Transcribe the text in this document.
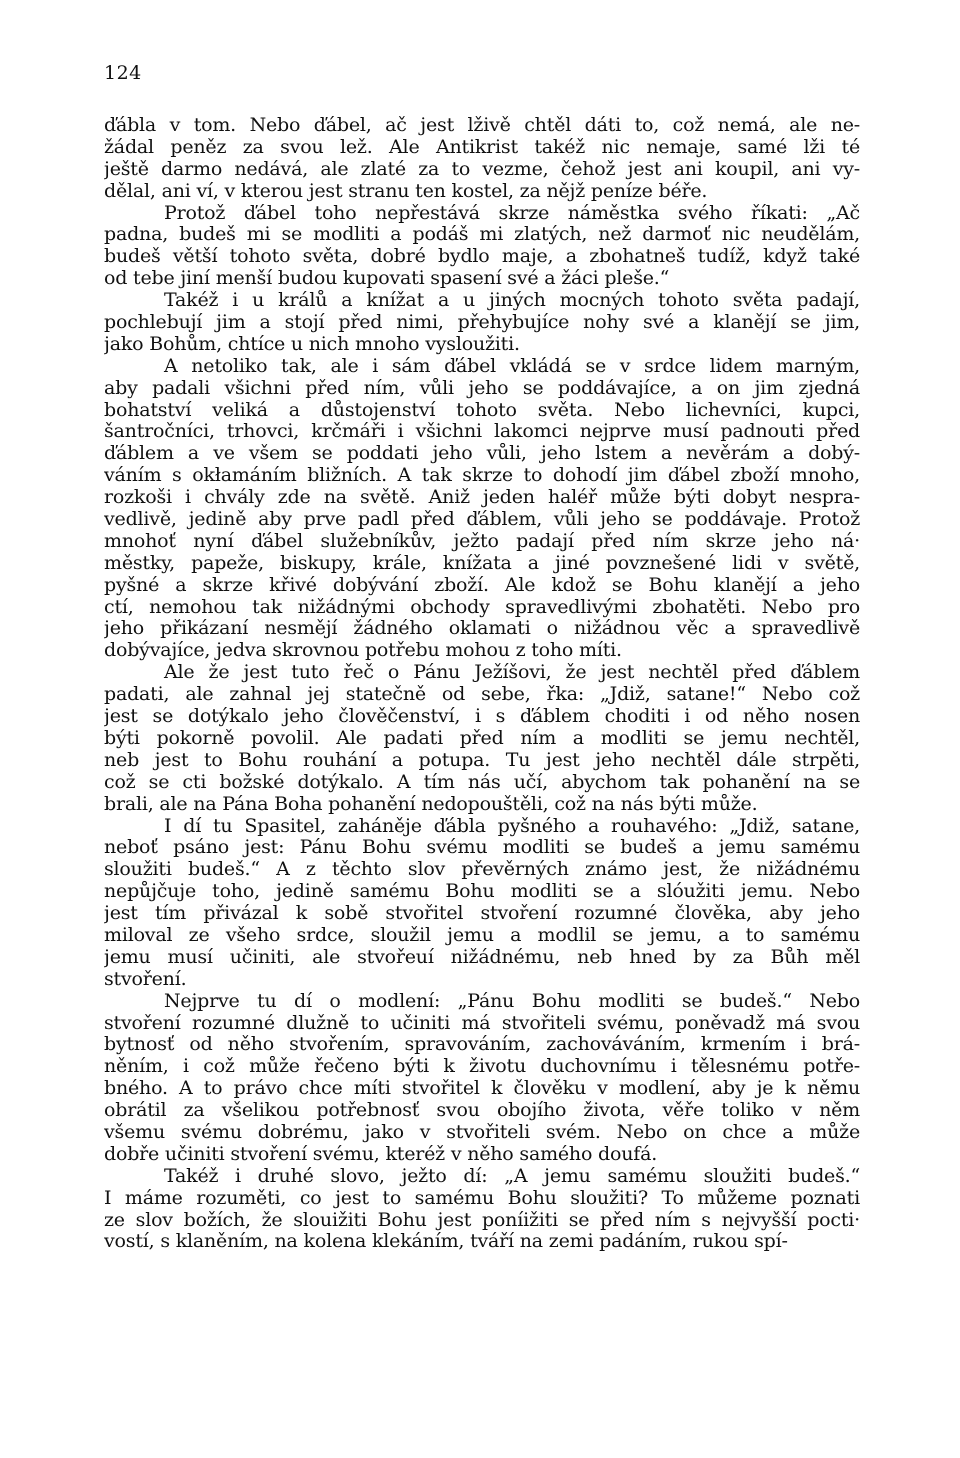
124
ďábla v tom. Nebo ďábel, ač jest lživě chtěl dáti to, což nemá, ale ne-
žádal peněz za svou lež. Ale Antikrist takéž nic nemaje, samé lži té
ještě darmo nedává, ale zlaté za to vezme, čehož jest ani koupil, ani vy-
dělal, ani ví, v kterou jest stranu ten kostel, za nějž peníze béře.
Protož ďábel toho nepřestává skrze náměstka svého říkati: „Ač
padna, budeš mi se modliti a podáš mi zlatých, než darmoť nic neudělám,
budeš větší tohoto světa, dobré bydlo maje, a zbohatneš tudíž, když také
od tebe jiní menší budou kupovati spasení své a žáci pleše.“
Takéž i u králů a knížat a u jiných mocných tohoto světa padají,
pochlebují jim a stojí před nimi, přehybujíce nohy své a klanějí se jim,
jako Bohům, chtíce u nich mnoho vysloužiti.
A netoliko tak, ale i sám ďábel vkládá se v srdce lidem marným,
aby padali všichni před ním, vůli jeho se poddávajíce, a on jim zjedná
bohatství veliká a důstojenství tohoto světa. Nebo lichevníci, kupci,
šantročníci, trhovci, krčmáři i všichni lakomci nejprve musí padnouti před
ďáblem a ve všem se poddati jeho vůli, jeho lstem a nevěrám a dobý-
váním s okłamáním bližních. A tak skrze to dohodí jim ďábel zboží mnoho,
rozkoši i chvály zde na světě. Aniž jeden haléř může býti dobyt nespra-
vedlivě, jedině aby prve padl před ďáblem, vůli jeho se poddávaje. Protož
mnohoť nyní ďábel služebníkův, ježto padají před ním skrze jeho ná·
městky, papeže, biskupy, krále, knížata a jiné povznešené lidi v světě,
pyšné a skrze křivé dobývání zboží. Ale kdož se Bohu klanějí a jeho
ctí, nemohou tak nižádnými obchody spravedlivými zbohatěti. Nebo pro
jeho přikázaní nesmějí žádného oklamati o nižádnou věc a spravedlivě
dobývajíce, jedva skrovnou potřebu mohou z toho míti.
Ale že jest tuto řeč o Pánu Ježíšovi, že jest nechtěl před ďáblem
padati, ale zahnal jej statečně od sebe, řka: „Jdiž, satane!“ Nebo což
jest se dotýkalo jeho člověčenství, i s ďáblem choditi i od něho nosen
býti pokorně povolil. Ale padati před ním a modliti se jemu nechtěl,
neb jest to Bohu rouhání a potupa. Tu jest jeho nechtěl dále strpěti,
což se cti božské dotýkalo. A tím nás učí, abychom tak pohanění na se
brali, ale na Pána Boha pohanění nedopouštěli, což na nás býti může.
I dí tu Spasitel, zaháněje ďábla pyšného a rouhavého: „Jdiž, satane,
neboť psáno jest: Pánu Bohu svému modliti se budeš a jemu samému
sloužiti budeš.“ A z těchto slov převěrných známo jest, že nižádnému
nepůjčuje toho, jedině samému Bohu modliti se a slóužiti jemu. Nebo
jest tím přivázal k sobě stvořitel stvoření rozumné člověka, aby jeho
miloval ze všeho srdce, sloužil jemu a modlil se jemu, a to samému
jemu musí učiniti, ale stvořeuí nižádnému, neb hned by za Bůh měl
stvoření.
Nejprve tu dí o modlení: „Pánu Bohu modliti se budeš.“ Nebo
stvoření rozumné dlužně to učiniti má stvořiteli svému, poněvadž má svou
bytnosť od něho stvořením, spravováním, zachováváním, krmením i brá-
něním, i což může řečeno býti k životu duchovnímu i tělesnému potře-
bného. A to právo chce míti stvořitel k člověku v modlení, aby je k němu
obrátil za všelikou potřebnosť svou obojího života, věře toliko v něm
všemu svému dobrému, jako v stvořiteli svém. Nebo on chce a může
dobře učiniti stvoření svému, kteréž v něho samého doufá.
Takéž i druhé slovo, ježto dí: „A jemu samému sloužiti budeš.“
I máme rozuměti, co jest to samému Bohu sloužiti? To můžeme poznati
ze slov božích, že slouižiti Bohu jest poníižiti se před ním s nejvyšší pocti·
vostí, s klaněním, na kolena klekáním, tváří na zemi padáním, rukou spí-
